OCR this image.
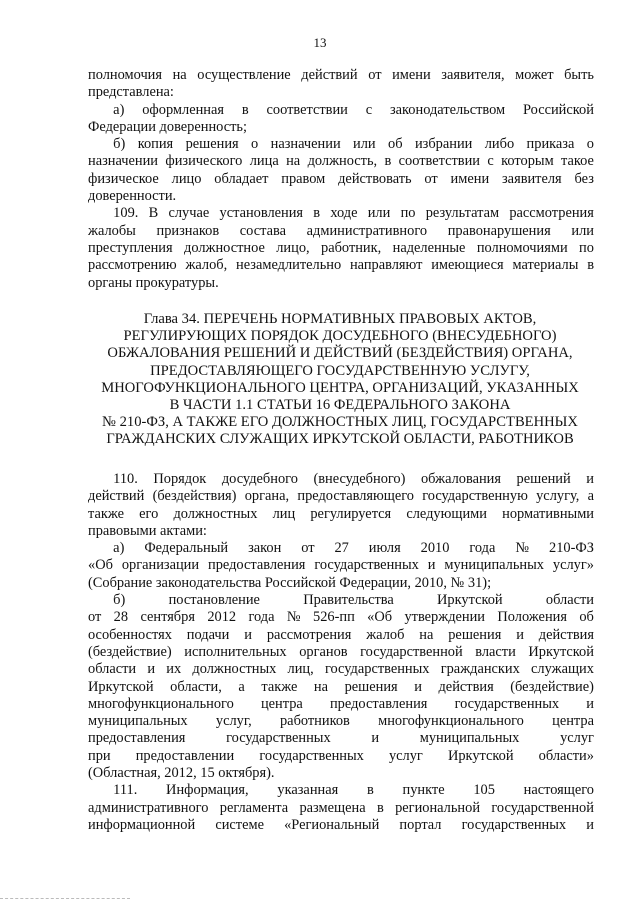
13
полномочия на осуществление действий от имени заявителя, может быть
представлена:
а) оформленная в соответствии с законодательством Российской
Федерации доверенность;
б) копия решения о назначении или об избрании либо приказа о
назначении физического лица на должность, в соответствии с которым такое
физическое лицо обладает правом действовать от имени заявителя без
доверенности.
109. В случае установления в ходе или по результатам рассмотрения
жалобы признаков состава административного правонарушения или
преступления должностное лицо, работник, наделенные полномочиями по
рассмотрению жалоб, незамедлительно направляют имеющиеся материалы в
органы прокуратуры.
Глава 34. ПЕРЕЧЕНЬ НОРМАТИВНЫХ ПРАВОВЫХ АКТОВ,
РЕГУЛИРУЮЩИХ ПОРЯДОК ДОСУДЕБНОГО (ВНЕСУДЕБНОГО)
ОБЖАЛОВАНИЯ РЕШЕНИЙ И ДЕЙСТВИЙ (БЕЗДЕЙСТВИЯ) ОРГАНА,
ПРЕДОСТАВЛЯЮЩЕГО ГОСУДАРСТВЕННУЮ УСЛУГУ,
МНОГОФУНКЦИОНАЛЬНОГО ЦЕНТРА, ОРГАНИЗАЦИЙ, УКАЗАННЫХ
В ЧАСТИ 1.1 СТАТЬИ 16 ФЕДЕРАЛЬНОГО ЗАКОНА
№ 210-ФЗ, А ТАКЖЕ ЕГО ДОЛЖНОСТНЫХ ЛИЦ, ГОСУДАРСТВЕННЫХ
ГРАЖДАНСКИХ СЛУЖАЩИХ ИРКУТСКОЙ ОБЛАСТИ, РАБОТНИКОВ
110. Порядок досудебного (внесудебного) обжалования решений и
действий (бездействия) органа, предоставляющего государственную услугу, а
также его должностных лиц регулируется следующими нормативными
правовыми актами:
а) Федеральный закон от 27 июля 2010 года № 210-ФЗ
«Об организации предоставления государственных и муниципальных услуг»
(Собрание законодательства Российской Федерации, 2010, № 31);
б)	постановление	Правительства	Иркутской	области
от 28 сентября 2012 года № 526-пп «Об утверждении Положения об
особенностях подачи и рассмотрения жалоб на решения и действия
(бездействие) исполнительных органов государственной власти Иркутской
области и их должностных лиц, государственных гражданских служащих
Иркутской области, а также на решения и действия (бездействие)
многофункционального центра предоставления государственных и
муниципальных услуг, работников многофункционального центра
предоставления	государственных	и	муниципальных	услуг
при предоставлении государственных услуг Иркутской области»
(Областная, 2012, 15 октября).
111. Информация, указанная в пункте 105 настоящего
административного регламента размещена в региональной государственной
информационной системе «Региональный портал государственных и
